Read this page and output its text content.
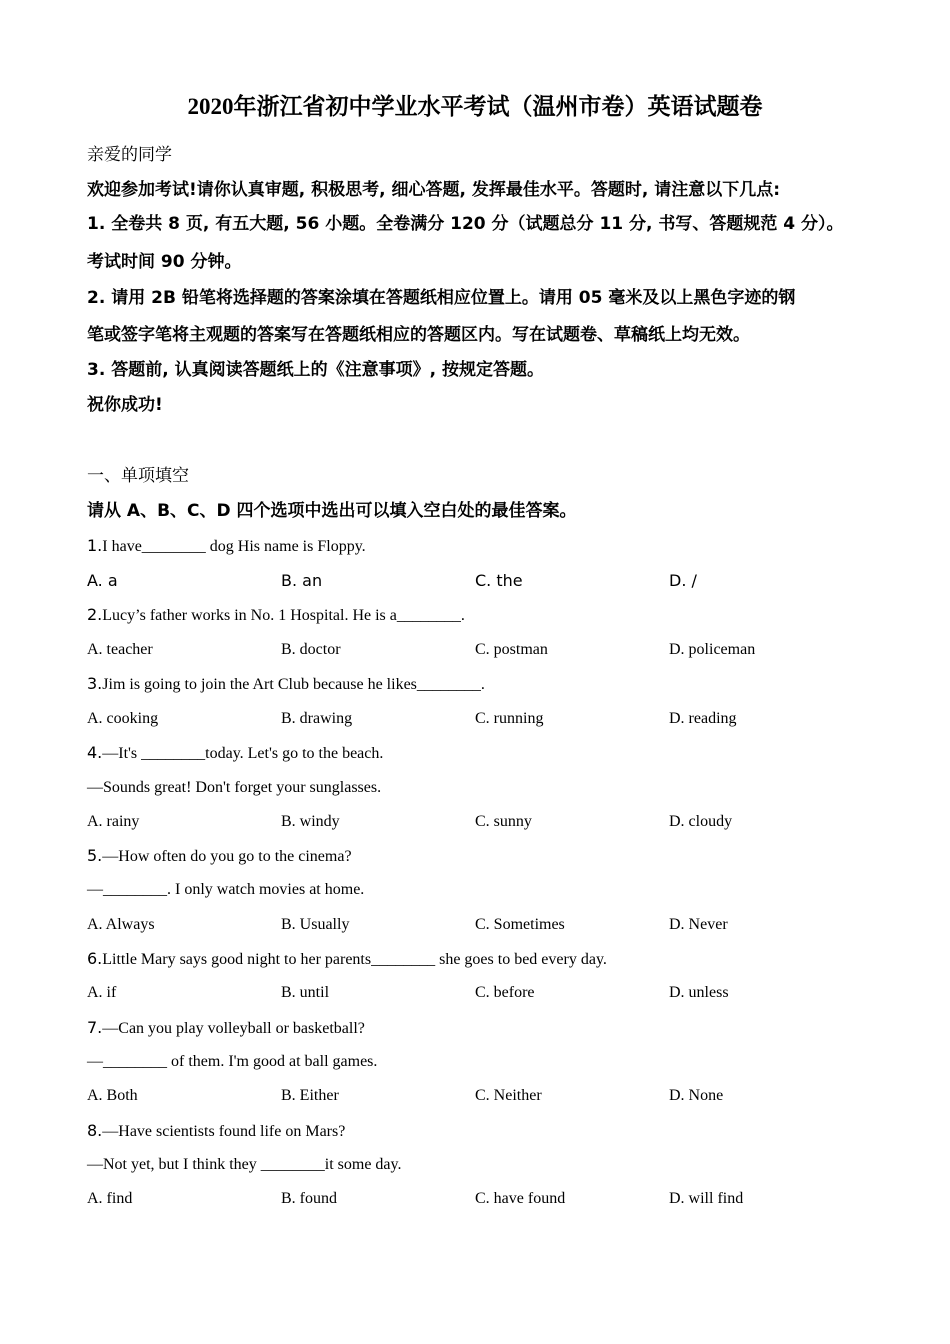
2020年浙江省初中学业水平考试（温州市卷）英语试题卷
亲爱的同学
欢迎参加考试!请你认真审题, 积极思考, 细心答题, 发挥最佳水平。答题时, 请注意以下几点:
1. 全卷共 8 页, 有五大题, 56 小题。全卷满分 120 分（试题总分 11 分, 书写、答题规范 4 分）。
考试时间 90 分钟。
2. 请用 2B 铅笔将选择题的答案涂填在答题纸相应位置上。请用 05 毫米及以上黑色字迹的钢
笔或签字笔将主观题的答案写在答题纸相应的答题区内。写在试题卷、草稿纸上均无效。
3. 答题前, 认真阅读答题纸上的《注意事项》, 按规定答题。
祝你成功!
一、单项填空
请从 A、B、C、D 四个选项中选出可以填入空白处的最佳答案。
1.I have________ dog His name is Floppy.
A. a	B. an	C. the	D. /
2.Lucy’s father works in No. 1 Hospital. He is a________.
A. teacher	B. doctor	C. postman	D. policeman
3.Jim is going to join the Art Club because he likes________.
A. cooking	B. drawing	C. running	D. reading
4.—It's ________today. Let's go to the beach.
—Sounds great! Don't forget your sunglasses.
A. rainy	B. windy	C. sunny	D. cloudy
5.—How often do you go to the cinema?
—________. I only watch movies at home.
A. Always	B. Usually	C. Sometimes	D. Never
6.Little Mary says good night to her parents________ she goes to bed every day.
A. if	B. until	C. before	D. unless
7.—Can you play volleyball or basketball?
—________ of them. I'm good at ball games.
A. Both	B. Either	C. Neither	D. None
8.—Have scientists found life on Mars?
—Not yet, but I think they ________it some day.
A. find	B. found	C. have found	D. will find
